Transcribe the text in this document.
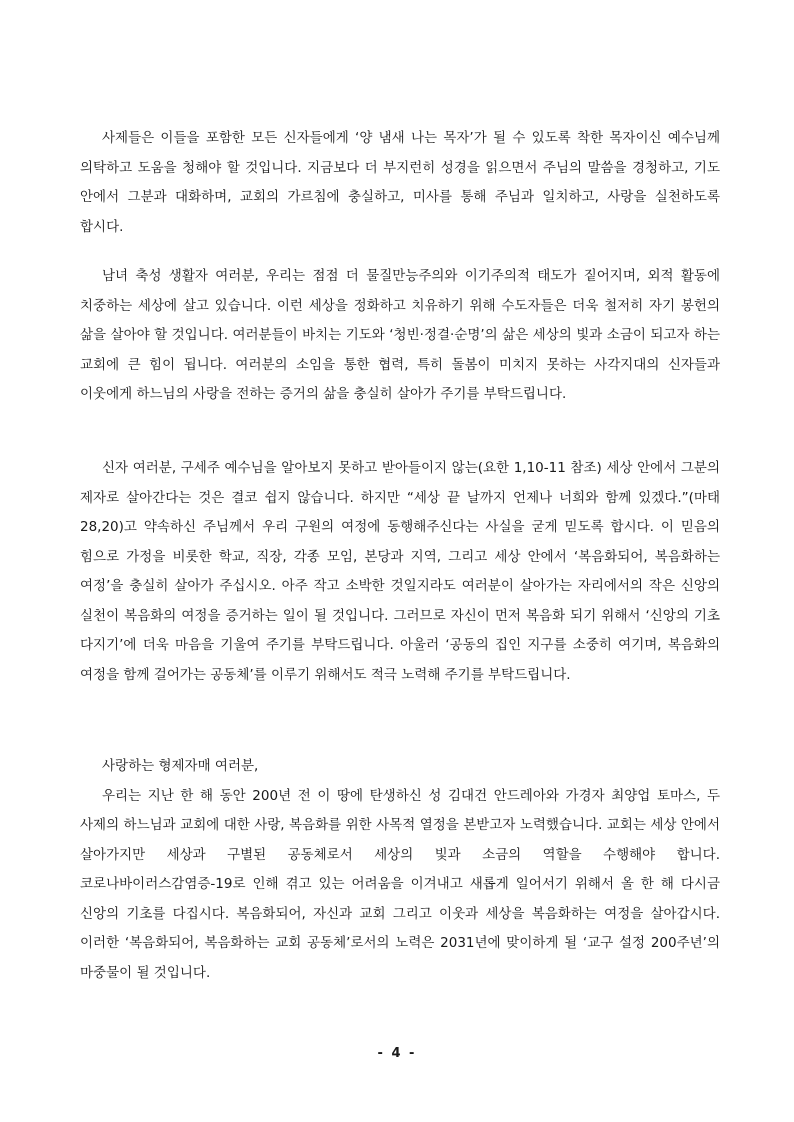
사제들은 이들을 포함한 모든 신자들에게 ‘양 냄새 나는 목자’가 될 수 있도록 착한 목자이신 예수님께 의탁하고 도움을 청해야 할 것입니다. 지금보다 더 부지런히 성경을 읽으면서 주님의 말씀을 경청하고, 기도 안에서 그분과 대화하며, 교회의 가르침에 충실하고, 미사를 통해 주님과 일치하고, 사랑을 실천하도록 합시다.

남녀 축성 생활자 여러분, 우리는 점점 더 물질만능주의와 이기주의적 태도가 짙어지며, 외적 활동에 치중하는 세상에 살고 있습니다. 이런 세상을 정화하고 치유하기 위해 수도자들은 더욱 철저히 자기 봉헌의 삶을 살아야 할 것입니다. 여러분들이 바치는 기도와 ‘청빈·정결·순명’의 삶은 세상의 빛과 소금이 되고자 하는 교회에 큰 힘이 됩니다. 여러분의 소임을 통한 협력, 특히 돌봄이 미치지 못하는 사각지대의 신자들과 이웃에게 하느님의 사랑을 전하는 증거의 삶을 충실히 살아가 주기를 부탁드립니다.

신자 여러분, 구세주 예수님을 알아보지 못하고 받아들이지 않는(요한 1,10-11 참조) 세상 안에서 그분의 제자로 살아간다는 것은 결코 쉽지 않습니다. 하지만 “세상 끝 날까지 언제나 너희와 함께 있겠다.”(마태 28,20)고 약속하신 주님께서 우리 구원의 여정에 동행해주신다는 사실을 굳게 믿도록 합시다. 이 믿음의 힘으로 가정을 비롯한 학교, 직장, 각종 모임, 본당과 지역, 그리고 세상 안에서 ‘복음화되어, 복음화하는 여정’을 충실히 살아가 주십시오. 아주 작고 소박한 것일지라도 여러분이 살아가는 자리에서의 작은 신앙의 실천이 복음화의 여정을 증거하는 일이 될 것입니다. 그러므로 자신이 먼저 복음화 되기 위해서 ‘신앙의 기초 다지기’에 더욱 마음을 기울여 주기를 부탁드립니다. 아울러 ‘공동의 집인 지구를 소중히 여기며, 복음화의 여정을 함께 걸어가는 공동체’를 이루기 위해서도 적극 노력해 주기를 부탁드립니다.

사랑하는 형제자매 여러분,
우리는 지난 한 해 동안 200년 전 이 땅에 탄생하신 성 김대건 안드레아와 가경자 최양업 토마스, 두 사제의 하느님과 교회에 대한 사랑, 복음화를 위한 사목적 열정을 본받고자 노력했습니다. 교회는 세상 안에서 살아가지만 세상과 구별된 공동체로서 세상의 빛과 소금의 역할을 수행해야 합니다. 코로나바이러스감염증-19로 인해 겪고 있는 어려움을 이겨내고 새롭게 일어서기 위해서 올 한 해 다시금 신앙의 기초를 다집시다. 복음화되어, 자신과 교회 그리고 이웃과 세상을 복음화하는 여정을 살아갑시다. 이러한 ‘복음화되어, 복음화하는 교회 공동체’로서의 노력은 2031년에 맞이하게 될 ‘교구 설정 200주년’의 마중물이 될 것입니다.
- 4 -
